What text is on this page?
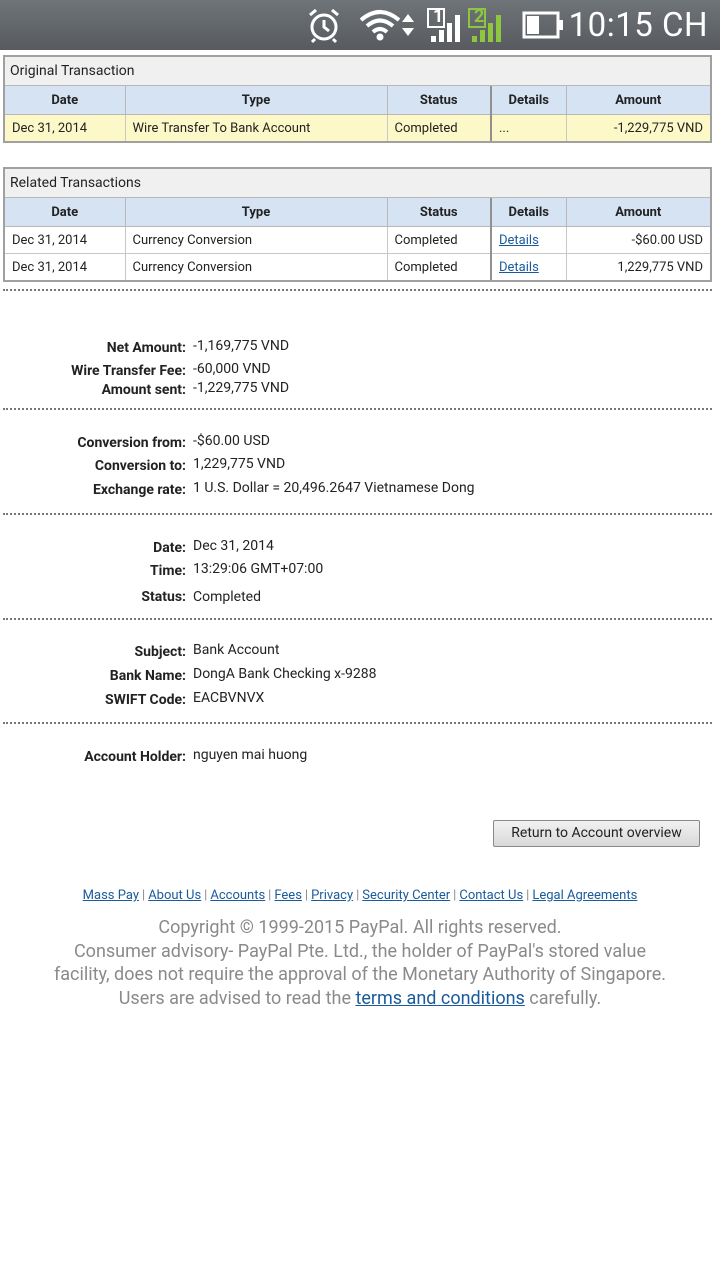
1 2	10:15 CH
Original Transaction
Date	Type	Status	Details	Amount
Dec 31, 2014	Wire Transfer To Bank Account	Completed	...	-1,229,775 VND
Related Transactions
Date	Type	Status	Details	Amount
Dec 31, 2014	Currency Conversion	Completed	Details	-$60.00 USD
Dec 31, 2014	Currency Conversion	Completed	Details	1,229,775 VND
Net Amount: -1,169,775 VND
Wire Transfer Fee: -60,000 VND
Amount sent: -1,229,775 VND
Conversion from: -$60.00 USD
Conversion to: 1,229,775 VND
Exchange rate: 1 U.S. Dollar = 20,496.2647 Vietnamese Dong
Date: Dec 31, 2014
Time: 13:29:06 GMT+07:00
Status: Completed
Subject: Bank Account
Bank Name: DongA Bank Checking x-9288
SWIFT Code: EACBVNVX
Account Holder: nguyen mai huong
Return to Account overview
Mass Pay | About Us | Accounts | Fees | Privacy | Security Center | Contact Us | Legal Agreements
Copyright © 1999-2015 PayPal. All rights reserved.
Consumer advisory- PayPal Pte. Ltd., the holder of PayPal's stored value
facility, does not require the approval of the Monetary Authority of Singapore.
Users are advised to read the terms and conditions carefully.
